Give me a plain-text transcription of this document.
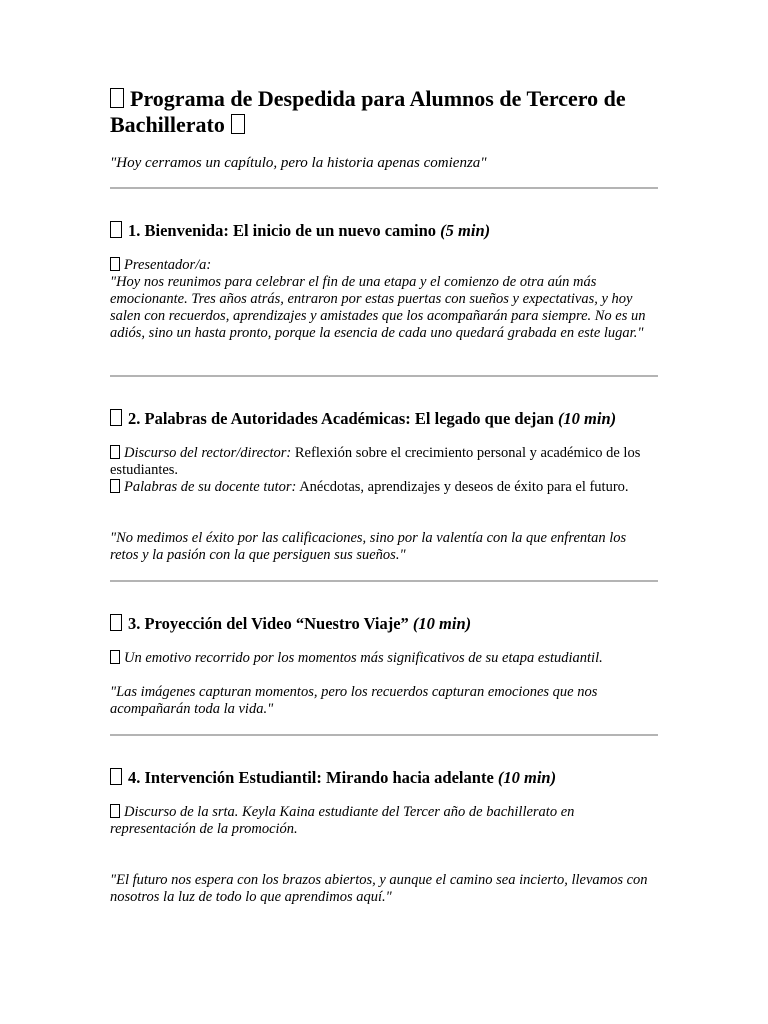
Programa de Despedida para Alumnos de Tercero de Bachillerato
"Hoy cerramos un capítulo, pero la historia apenas comienza"
1. Bienvenida: El inicio de un nuevo camino (5 min)
Presentador/a:
"Hoy nos reunimos para celebrar el fin de una etapa y el comienzo de otra aún más emocionante. Tres años atrás, entraron por estas puertas con sueños y expectativas, y hoy salen con recuerdos, aprendizajes y amistades que los acompañarán para siempre. No es un adiós, sino un hasta pronto, porque la esencia de cada uno quedará grabada en este lugar."
2. Palabras de Autoridades Académicas: El legado que dejan (10 min)
Discurso del rector/director: Reflexión sobre el crecimiento personal y académico de los estudiantes.
Palabras de su docente tutor: Anécdotas, aprendizajes y deseos de éxito para el futuro.
"No medimos el éxito por las calificaciones, sino por la valentía con la que enfrentan los retos y la pasión con la que persiguen sus sueños."
3. Proyección del Video “Nuestro Viaje” (10 min)
Un emotivo recorrido por los momentos más significativos de su etapa estudiantil.
"Las imágenes capturan momentos, pero los recuerdos capturan emociones que nos acompañarán toda la vida."
4. Intervención Estudiantil: Mirando hacia adelante (10 min)
Discurso de la srta. Keyla Kaina estudiante del Tercer año de bachillerato en representación de la promoción.
"El futuro nos espera con los brazos abiertos, y aunque el camino sea incierto, llevamos con nosotros la luz de todo lo que aprendimos aquí."
